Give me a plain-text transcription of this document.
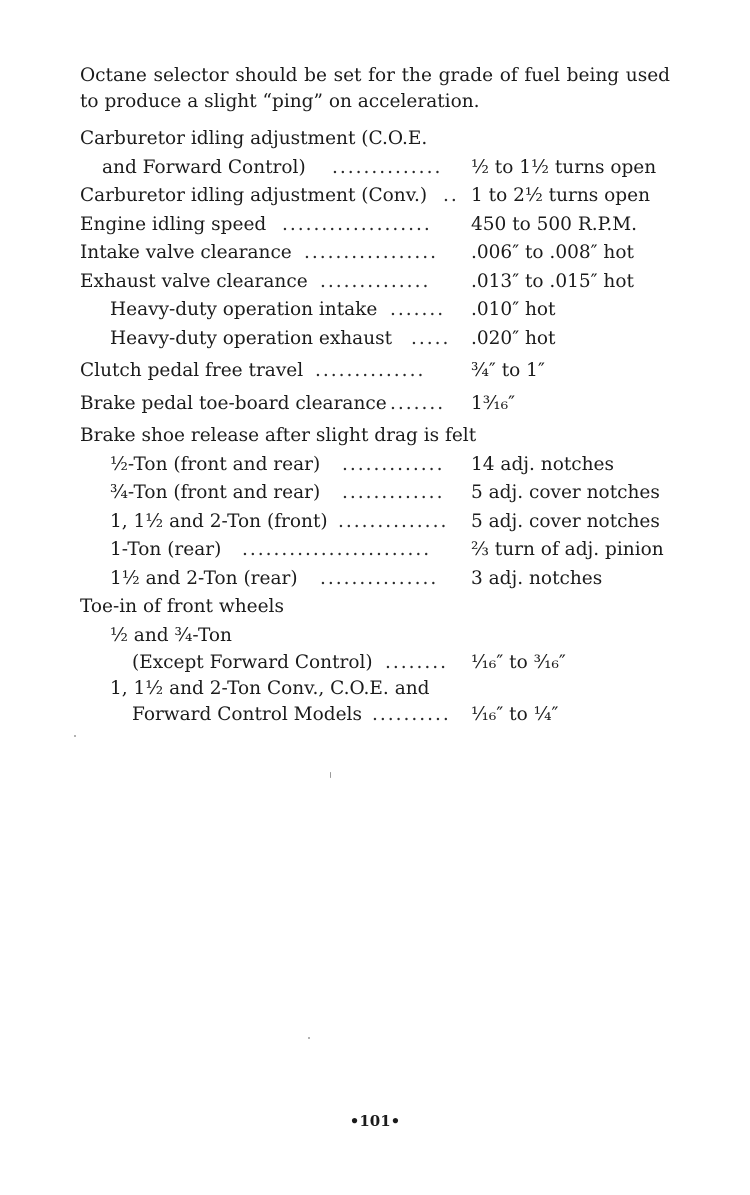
Octane selector should be set for the grade of fuel being used to produce a slight “ping” on acceleration.

Carburetor idling adjustment (C.O.E.
and Forward Control) ..............	½ to 1½ turns open
Carburetor idling adjustment (Conv.) .. 1 to 2½ turns open
Engine idling speed ...................	450 to 500 R.P.M.
Intake valve clearance .................	.006″ to .008″ hot
Exhaust valve clearance ..............	.013″ to .015″ hot
Heavy-duty operation intake .......	.010″ hot
Heavy-duty operation exhaust .....	.020″ hot
Clutch pedal free travel ..............	¾″ to 1″
Brake pedal toe-board clearance .......	1³⁄₁₆″
Brake shoe release after slight drag is felt
½-Ton (front and rear) .............	14 adj. notches
¾-Ton (front and rear) .............	5 adj. cover notches
1, 1½ and 2-Ton (front) ..............	5 adj. cover notches
1-Ton (rear) ........................	⅔ turn of adj. pinion
1½ and 2-Ton (rear) ...............	3 adj. notches
Toe-in of front wheels
½ and ¾-Ton
(Except Forward Control) ........	¹⁄₁₆″ to ³⁄₁₆″
1, 1½ and 2-Ton Conv., C.O.E. and
Forward Control Models ..........	¹⁄₁₆″ to ¼″
•101•
